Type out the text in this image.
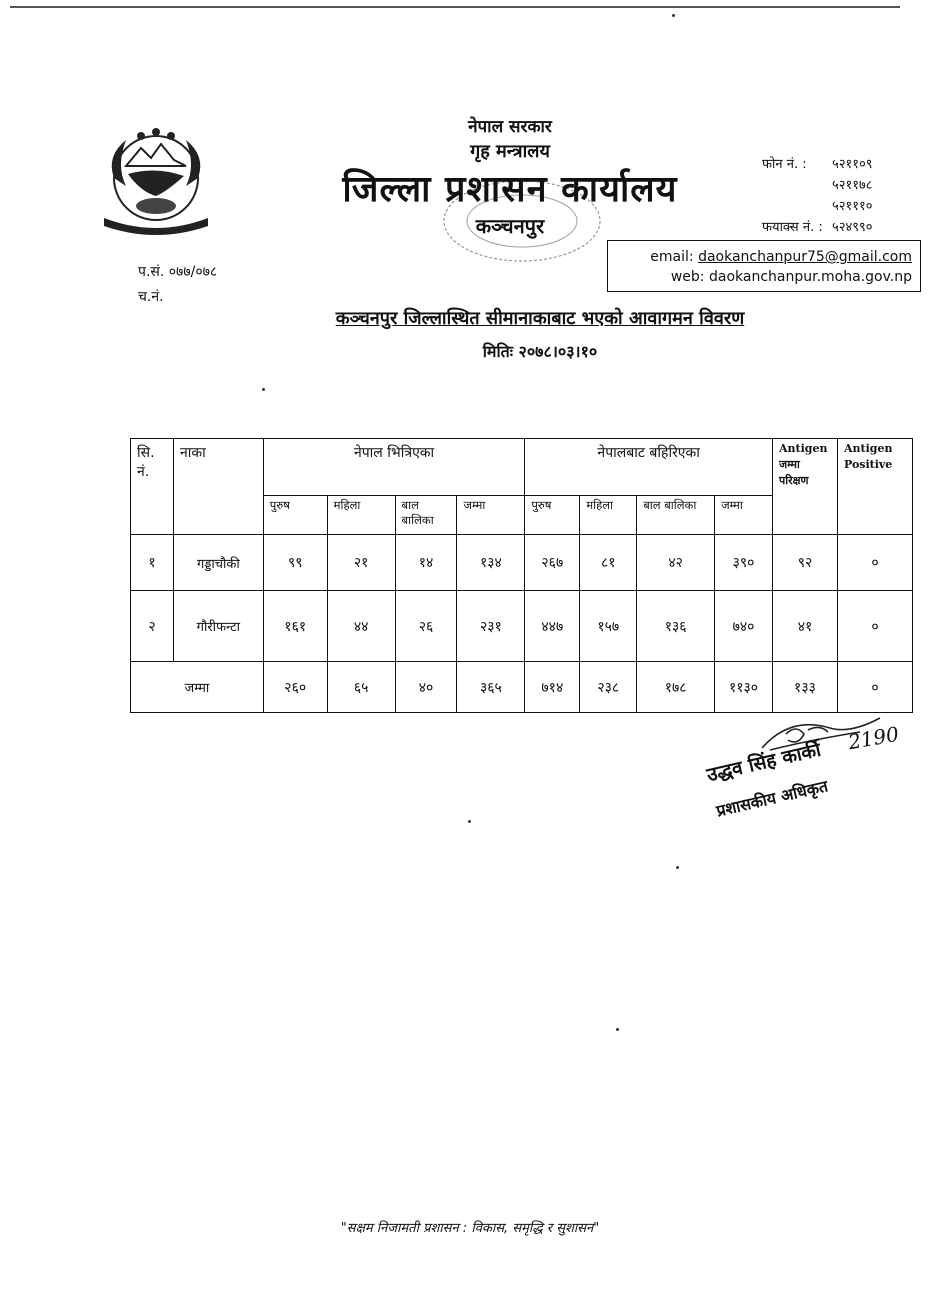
नेपाल सरकार
गृह मन्त्रालय
जिल्ला प्रशासन कार्यालय
कञ्चनपुर
फोन नं. : ५२११०९
५२११७८
५२१११०
फयाक्स नं. : ५२४९९०
email: daokanchanpur75@gmail.com
web: daokanchanpur.moha.gov.np
प.सं. ०७७/०७८
च.नं.
कञ्चनपुर जिल्लास्थित सीमानाकाबाट भएको आवागमन विवरण
मितिः २०७८।०३।१०
सि. नं.	नाका	नेपाल भित्रिएका				नेपालबाट बहिरिएका				Antigen जम्मा परिक्षण	Antigen Positive
		पुरुष	महिला	बाल बालिका	जम्मा	पुरुष	महिला	बाल बालिका	जम्मा		
१	गड्डाचौकी	९९	२१	१४	१३४	२६७	८१	४२	३९०	९२	०
२	गौरीफन्टा	१६१	४४	२६	२३१	४४७	१५७	१३६	७४०	४१	०
जम्मा		२६०	६५	४०	३६५	७१४	२३८	१७८	११३०	१३३	०
2190
उद्धव सिंह कार्की
प्रशासकीय अधिकृत
"सक्षम निजामती प्रशासन : विकास, समृद्धि र सुशासन"
